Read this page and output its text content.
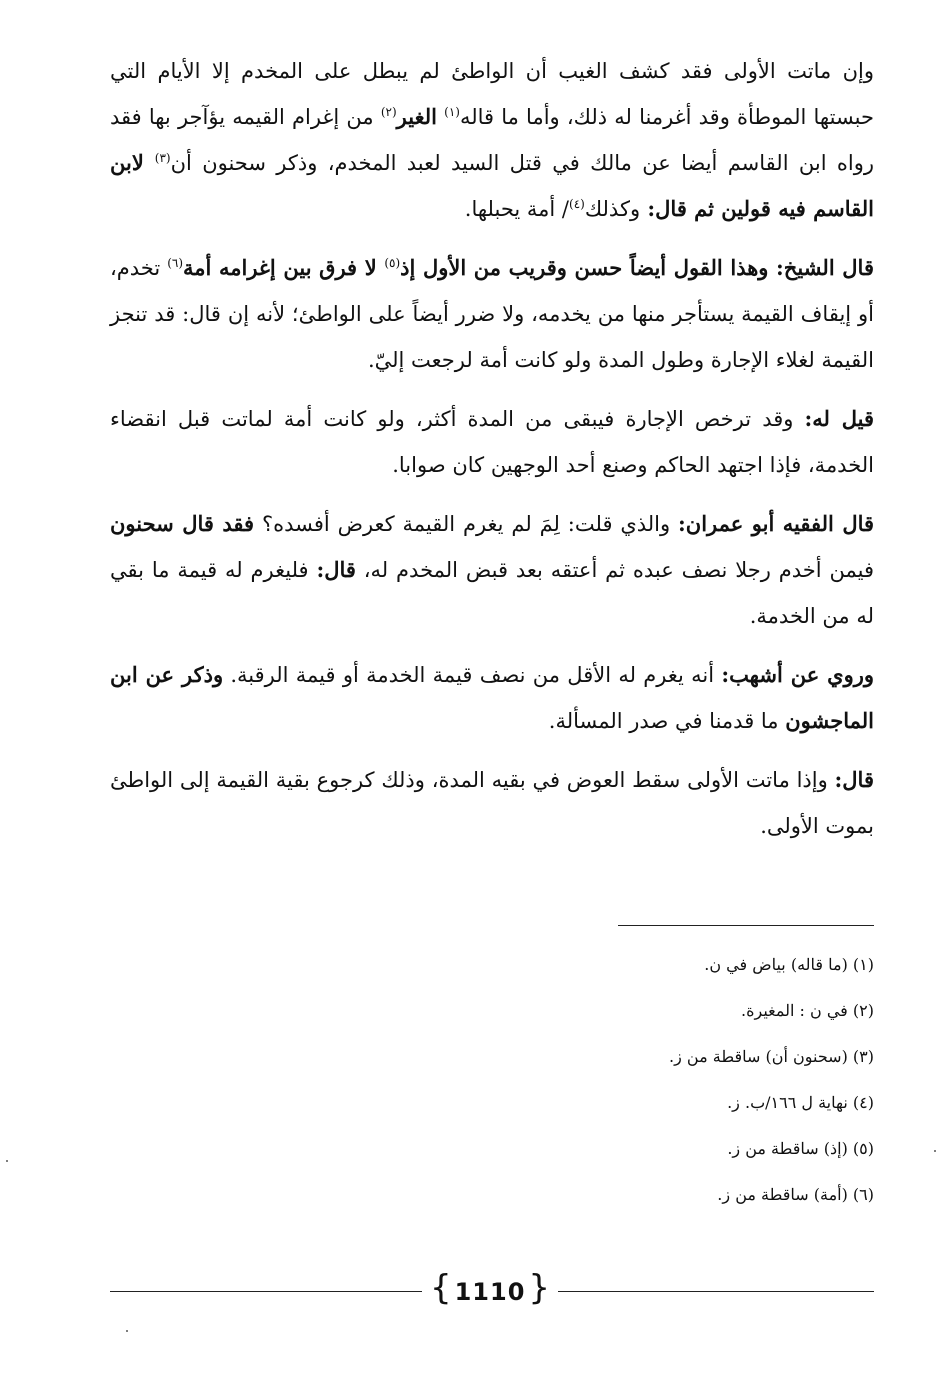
وإن ماتت الأولى فقد كشف الغيب أن الواطئ لم يبطل على المخدم إلا الأيام التي حبستها الموطأة وقد أغرمنا له ذلك، وأما ما قاله$^{(١)}$ الغير$^{(٢)}$ من إغرام القيمه يؤآجر بها فقد رواه ابن القاسم أيضا عن مالك في قتل السيد لعبد المخدم، وذكر سحنون أن$^{(٣)}$ لابن القاسم فيه قولين ثم قال: وكذلك$^{(٤)}$/ أمة يحبلها.

قال الشيخ: وهذا القول أيضاً حسن وقريب من الأول إذ$^{(٥)}$ لا فرق بين إغرامه أمة$^{(٦)}$ تخدم، أو إيقاف القيمة يستأجر منها من يخدمه، ولا ضرر أيضاً على الواطئ؛ لأنه إن قال: قد تنجز القيمة لغلاء الإجارة وطول المدة ولو كانت أمة لرجعت إليّ.

قيل له: وقد ترخص الإجارة فيبقى من المدة أكثر، ولو كانت أمة لماتت قبل انقضاء الخدمة، فإذا اجتهد الحاكم وصنع أحد الوجهين كان صوابا.

قال الفقيه أبو عمران: والذي قلت: لِمَ لم يغرم القيمة كعرض أفسده؟ فقد قال سحنون فيمن أخدم رجلا نصف عبده ثم أعتقه بعد قبض المخدم له، قال: فليغرم له قيمة ما بقي له من الخدمة.

وروي عن أشهب: أنه يغرم له الأقل من نصف قيمة الخدمة أو قيمة الرقبة. وذكر عن ابن الماجشون ما قدمنا في صدر المسألة.

قال: وإذا ماتت الأولى سقط العوض في بقيه المدة، وذلك كرجوع بقية القيمة إلى الواطئ بموت الأولى.

(١) (ما قاله) بياض في ن.
(٢) في ن : المغيرة.
(٣) (سحنون أن) ساقطة من ز.
(٤) نهاية ل ١٦٦/ب. ز.
(٥) (إذ) ساقطة من ز.
(٦) (أمة) ساقطة من ز.
{ 1110 }
